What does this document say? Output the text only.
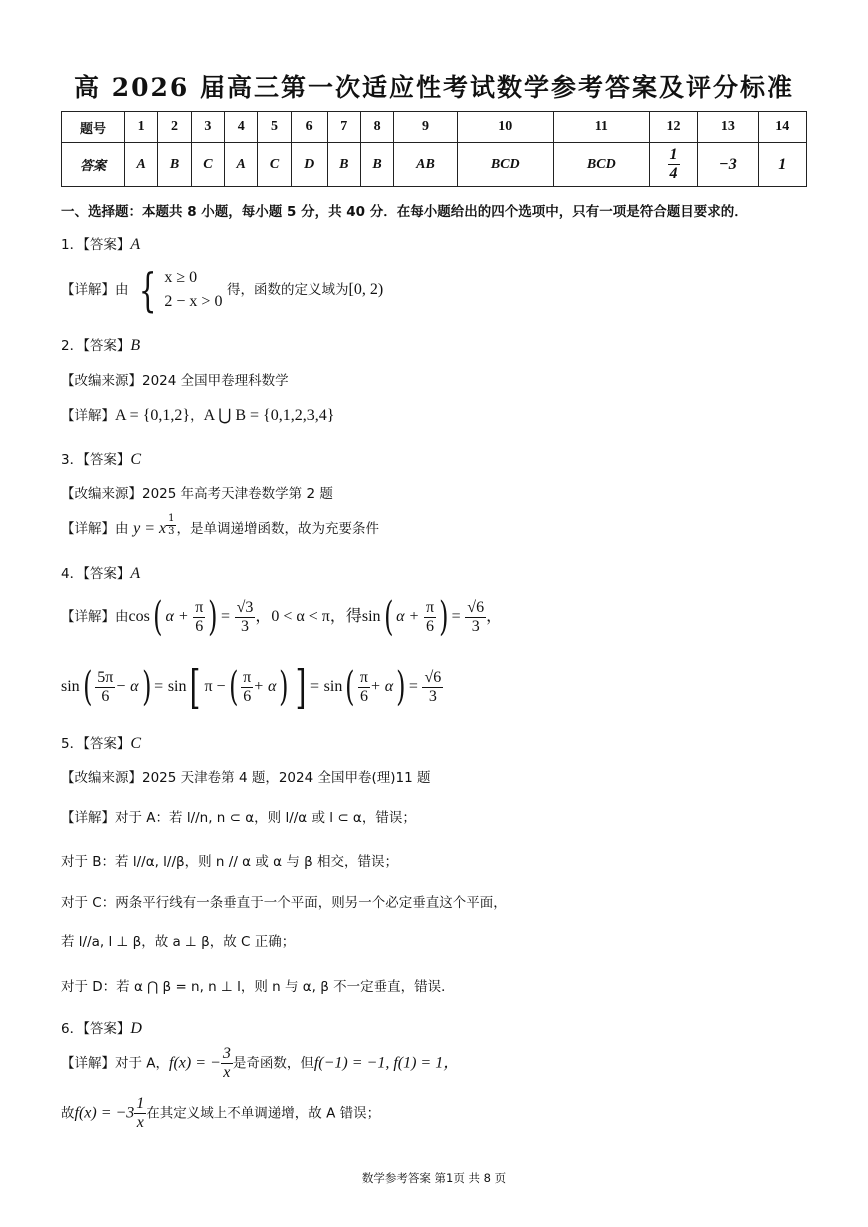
高 2026 届高三第一次适应性考试数学参考答案及评分标准
题号	1	2	3	4	5	6	7	8	9	10	11	12	13	14
答案	A	B	C	A	C	D	B	B	AB	BCD	BCD	$\frac{1}{4}$	−3	1
一、选择题：本题共 8 小题，每小题 5 分，共 40 分．在每小题给出的四个选项中，只有一项是符合题目要求的．
1．【答案】A
【详解】由 { x ≥ 0
2 − x > 0
得，函数的定义域为[0, 2)
2．【答案】B
【改编来源】2024 全国甲卷理科数学
【详解】A = {0,1,2}，A ⋃ B = {0,1,2,3,4}
3．【答案】C
【改编来源】2025 年高考天津卷数学第 2 题
【详解】由 y = x $\frac{1}{3}$ ，是单调递增函数，故为充要条件
4．【答案】A
【详解】由cos( $\alpha + \frac{\pi}{6}$ ) = $\frac{√3}{3}$ ，0 < α < π，得sin( $\alpha + \frac{\pi}{6}$ ) = $\frac{√6}{3}$ ，
$\sin( \frac{5\pi}{6} - \alpha) = \sin$[ π −( $\frac{\pi}{6} + \alpha$) ] = $\sin( \frac{\pi}{6} + \alpha) = \frac{√6}{3}$
5．【答案】C
【改编来源】2025 天津卷第 4 题，2024 全国甲卷(理)11 题
【详解】对于 A：若 l//n, n ⊂ α，则 l//α 或 l ⊂ α，错误；
对于 B：若 l//α, l//β，则 n // α 或 α 与 β 相交，错误；
对于 C：两条平行线有一条垂直于一个平面，则另一个必定垂直这个平面，
若 l//a, l ⊥ β，故 a ⊥ β，故 C 正确；
对于 D：若 α ⋂ β = n, n ⊥ l，则 n 与 α, β 不一定垂直，错误．
6．【答案】D
【详解】对于 A，f(x) = − $\frac{3}{x}$ 是奇函数，但f(−1) = −1, f(1) = 1，
故$f(x) = -3 \frac{1}{x}$ 在其定义域上不单调递增，故 A 错误；
数学参考答案 第1页 共 8 页
